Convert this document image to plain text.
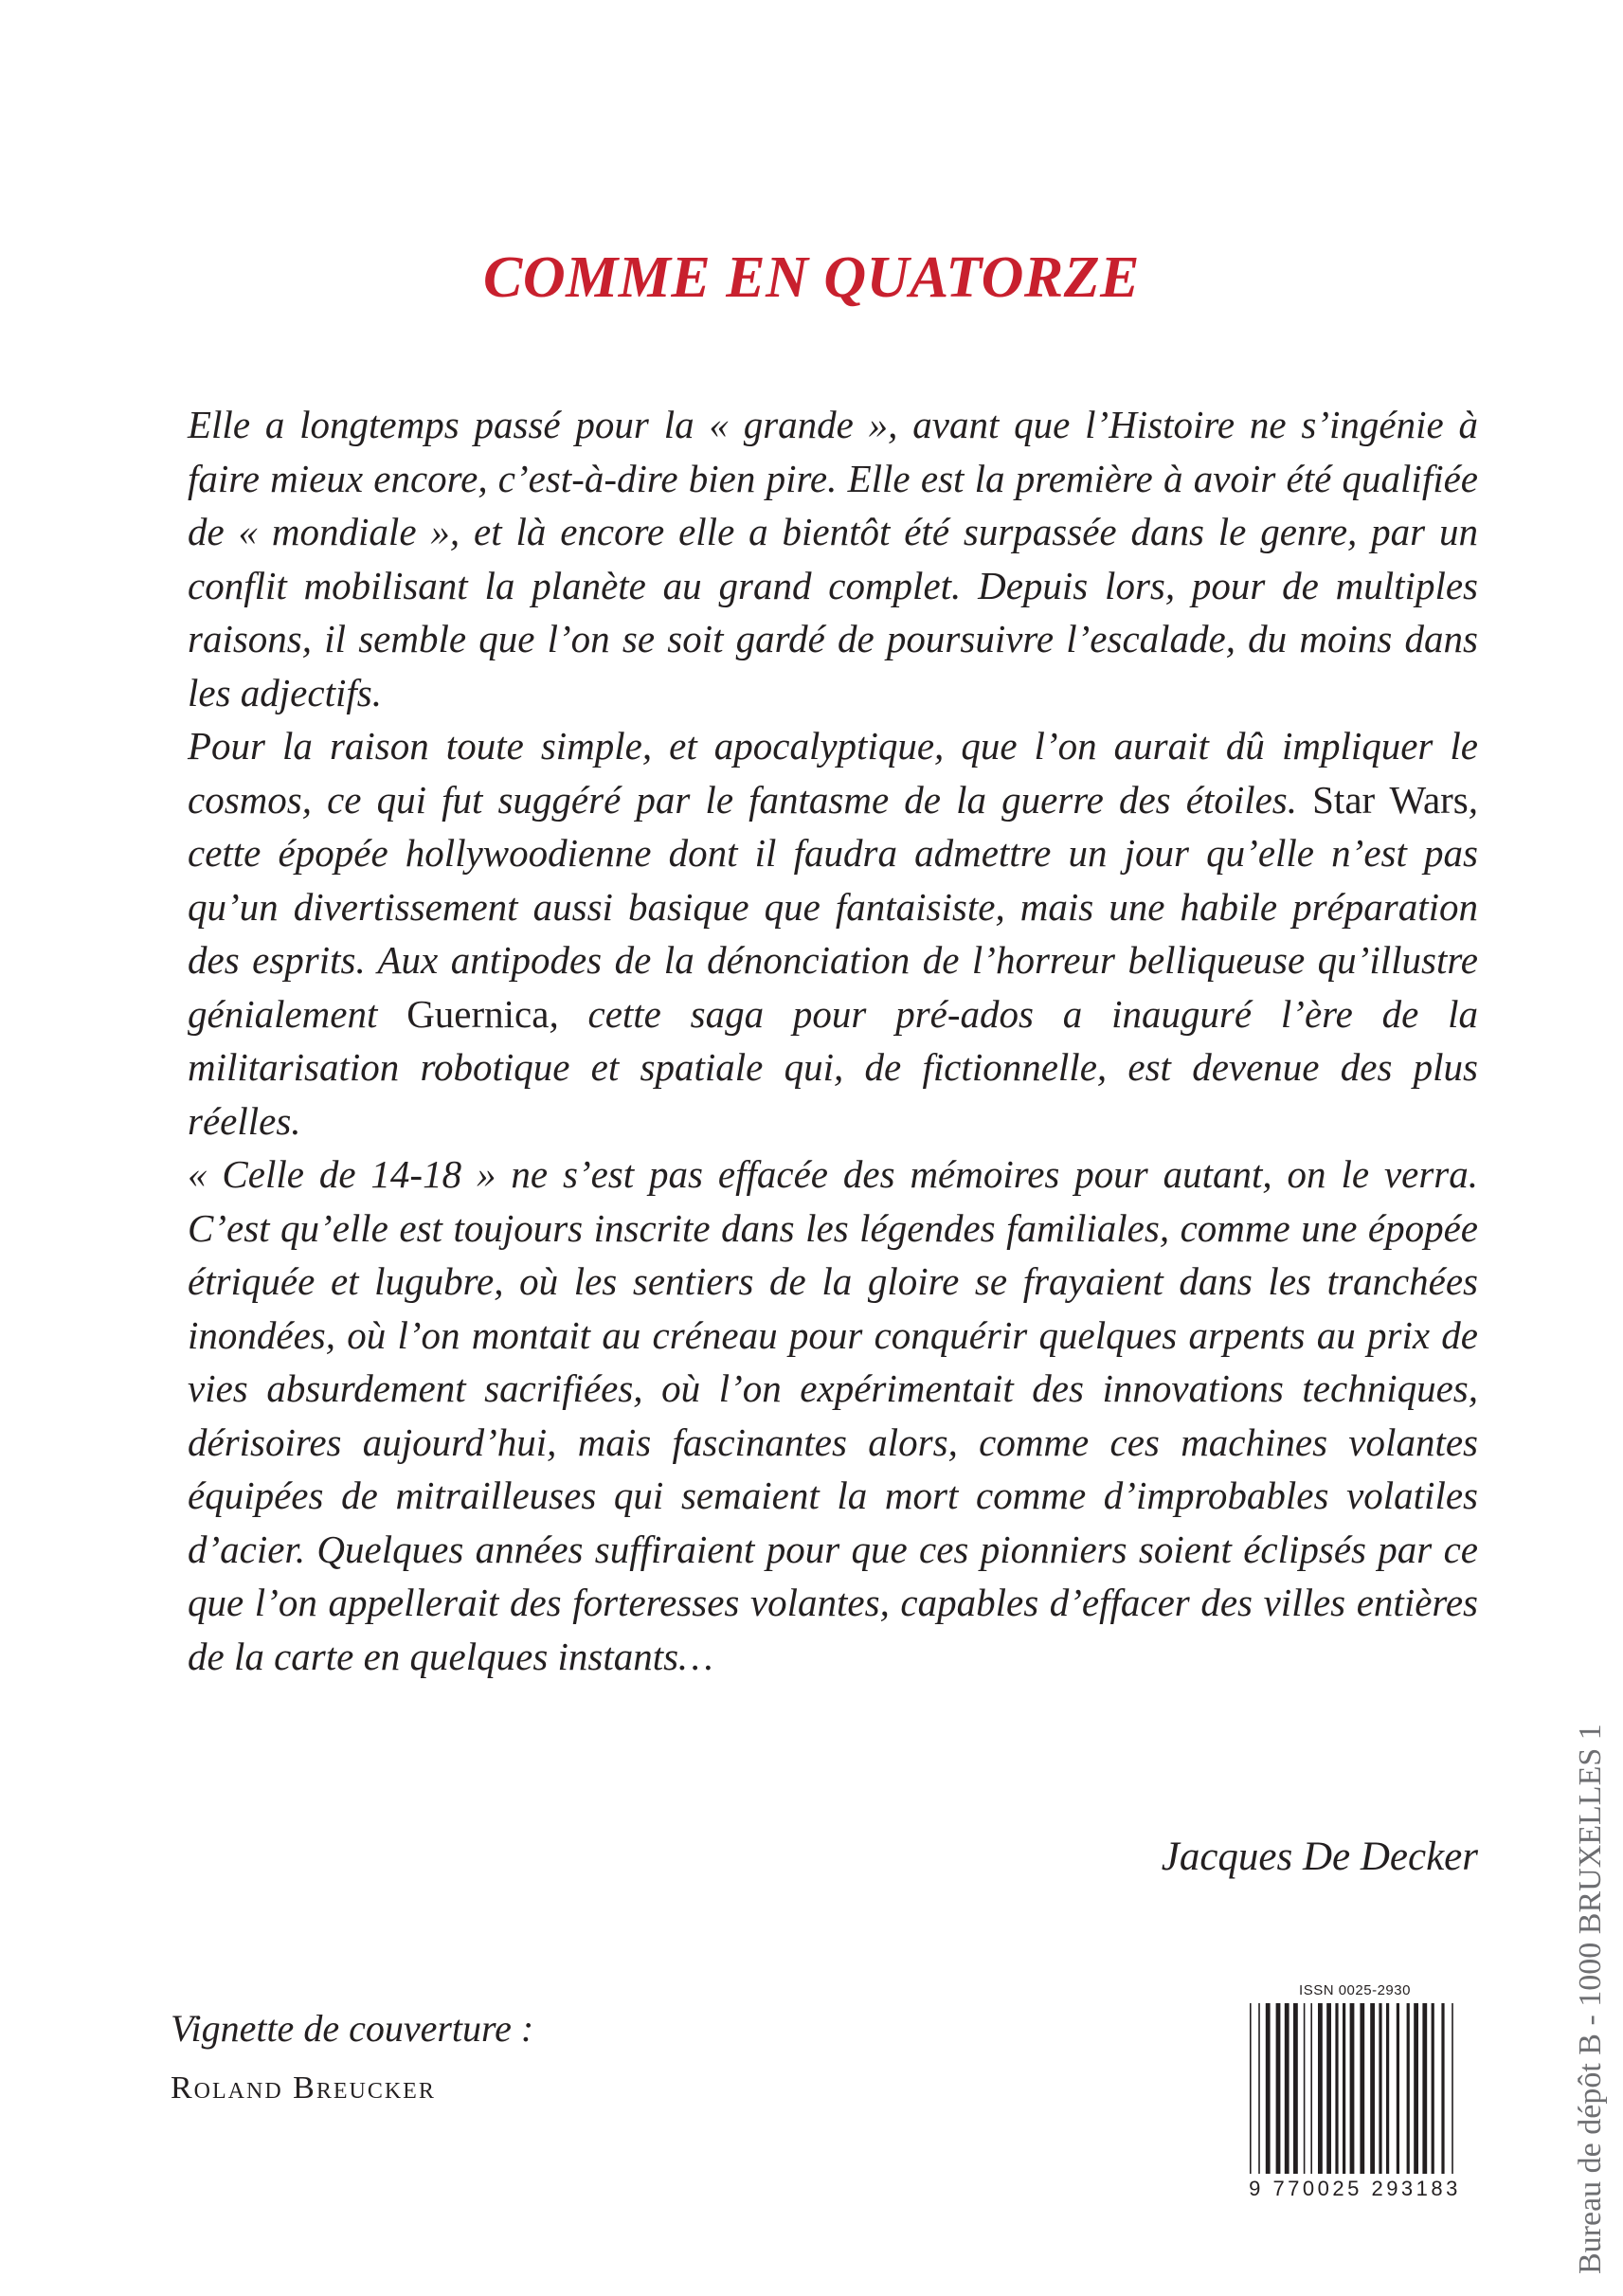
COMME EN QUATORZE

Elle a longtemps passé pour la « grande », avant que l’Histoire ne s’ingénie à faire mieux encore, c’est-à-dire bien pire. Elle est la première à avoir été qualifiée de « mondiale », et là encore elle a bientôt été surpassée dans le genre, par un conflit mobilisant la planète au grand complet. Depuis lors, pour de multiples raisons, il semble que l’on se soit gardé de poursuivre l’escalade, du moins dans les adjectifs.

Pour la raison toute simple, et apocalyptique, que l’on aurait dû impliquer le cosmos, ce qui fut suggéré par le fantasme de la guerre des étoiles. Star Wars, cette épopée hollywoodienne dont il faudra admettre un jour qu’elle n’est pas qu’un divertissement aussi basique que fantaisiste, mais une habile préparation des esprits. Aux antipodes de la dénonciation de l’horreur belliqueuse qu’illustre génialement Guernica, cette saga pour pré-ados a inauguré l’ère de la militarisation robotique et spatiale qui, de fictionnelle, est devenue des plus réelles.

« Celle de 14-18 » ne s’est pas effacée des mémoires pour autant, on le verra. C’est qu’elle est toujours inscrite dans les légendes familiales, comme une épopée étriquée et lugubre, où les sentiers de la gloire se frayaient dans les tranchées inondées, où l’on montait au créneau pour conquérir quelques arpents au prix de vies absurdement sacrifiées, où l’on expérimentait des innovations techniques, dérisoires aujourd’hui, mais fascinantes alors, comme ces machines volantes équipées de mitrailleuses qui semaient la mort comme d’improbables volatiles d’acier. Quelques années suffiraient pour que ces pionniers soient éclipsés par ce que l’on appellerait des forteresses volantes, capables d’effacer des villes entières de la carte en quelques instants…

Jacques De Decker

Vignette de couverture :

Roland Breucker

ISSN 0025-2930
9 770025 293183	Bureau de dépôt B - 1000 BRUXELLES 1
